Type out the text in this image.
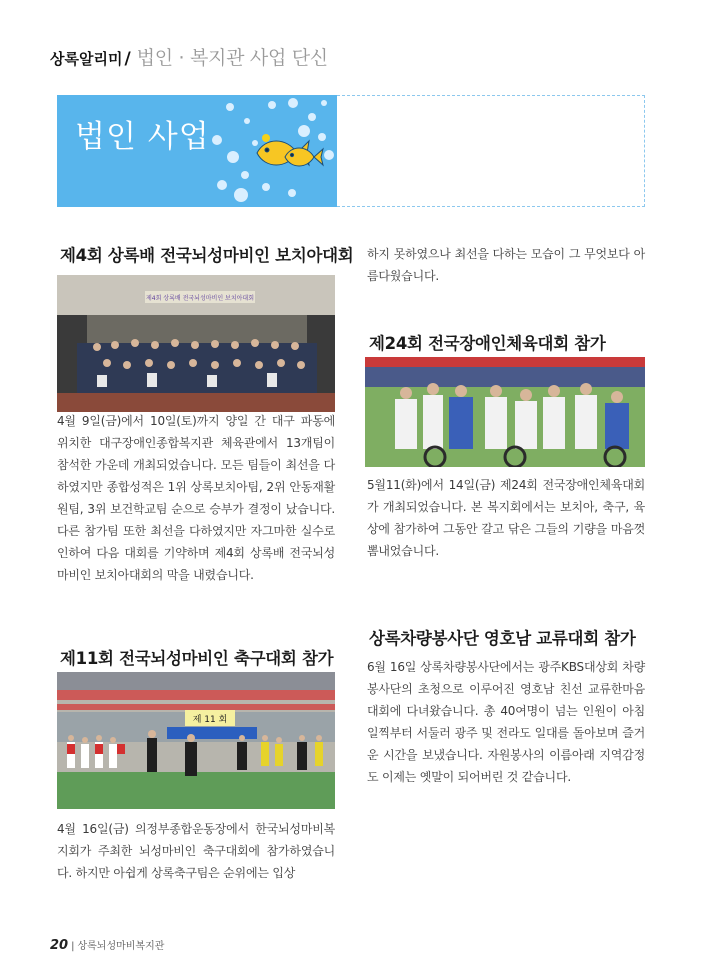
상록알리미 / 법인 · 복지관 사업 단신
법인 사업
제4회 상록배 전국뇌성마비인 보치아대회
제4회 상록배 전국뇌성마비인 보치아대회
4월 9일(금)에서 10일(토)까지 양일 간 대구 파동에 위치한 대구장애인종합복지관 체육관에서 13개팀이 참석한 가운데 개최되었습니다. 모든 팀들이 최선을 다하였지만 종합성적은 1위 상록보치아팀, 2위 안동재활원팀, 3위 보건학교팀 순으로 승부가 결정이 났습니다. 다른 참가팀 또한 최선을 다하였지만 자그마한 실수로 인하여 다음 대회를 기약하며 제4회 상록배 전국뇌성마비인 보치아대회의 막을 내렸습니다.
제11회 전국뇌성마비인 축구대회 참가
제 11 회
4월 16일(금) 의정부종합운동장에서 한국뇌성마비복지회가 주최한 뇌성마비인 축구대회에 참가하였습니다. 하지만 아쉽게 상록축구팀은 순위에는 입상
하지 못하였으나 최선을 다하는 모습이 그 무엇보다 아름다웠습니다.
제24회 전국장애인체육대회 참가
5월11(화)에서 14일(금) 제24회 전국장애인체육대회가 개최되었습니다. 본 복지회에서는 보치아, 축구, 육상에 참가하여 그동안 갈고 닦은 그들의 기량을 마음껏 뽐내었습니다.
상록차량봉사단 영호남 교류대회 참가
6월 16일 상록차량봉사단에서는 광주KBS대상회 차량봉사단의 초청으로 이루어진 영호남 친선 교류한마음 대회에 다녀왔습니다. 총 40여명이 넘는 인원이 아침 일찍부터 서둘러 광주 및 전라도 일대를 돌아보며 즐거운 시간을 보냈습니다. 자원봉사의 이름아래 지역감정도 이제는 옛말이 되어버린 것 같습니다.
20 | 상록뇌성마비복지관
